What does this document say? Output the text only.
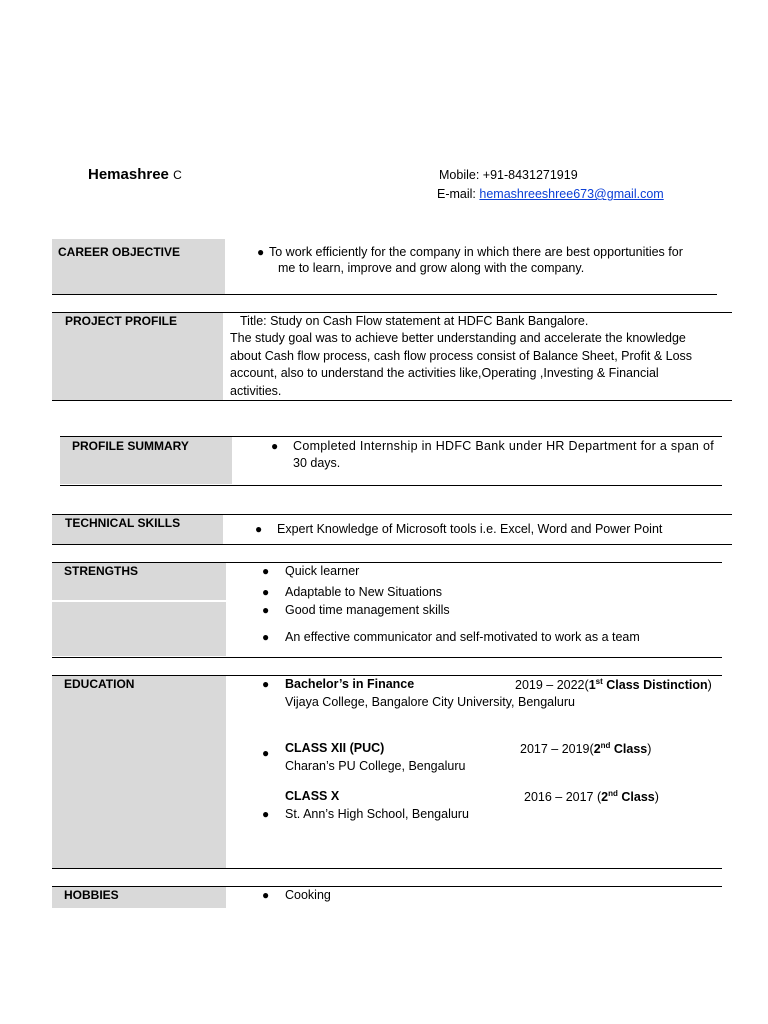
Hemashree C	Mobile: +91-8431271919
E-mail: hemashreeshree673@gmail.com
CAREER OBJECTIVE	● To work efficiently for the company in which there are best opportunities for
me to learn, improve and grow along with the company.
PROJECT PROFILE	Title: Study on Cash Flow statement at HDFC Bank Bangalore.
The study goal was to achieve better understanding and accelerate the knowledge
about Cash flow process, cash flow process consist of Balance Sheet, Profit & Loss
account, also to understand the activities like,Operating ,Investing & Financial
activities.
PROFILE SUMMARY	● Completed Internship in HDFC Bank under HR Department for a span of
30 days.
TECHNICAL SKILLS	● Expert Knowledge of Microsoft tools i.e. Excel, Word and Power Point
STRENGTHS	● Quick learner
● Adaptable to New Situations
● Good time management skills
● An effective communicator and self-motivated to work as a team
EDUCATION	● Bachelor’s in Finance	2019 – 2022(1st Class Distinction)
Vijaya College, Bangalore City University, Bengaluru
● CLASS XII (PUC)	2017 – 2019(2nd Class)
Charan’s PU College, Bengaluru
CLASS X	2016 – 2017 (2nd Class)
● St. Ann’s High School, Bengaluru
HOBBIES	● Cooking
